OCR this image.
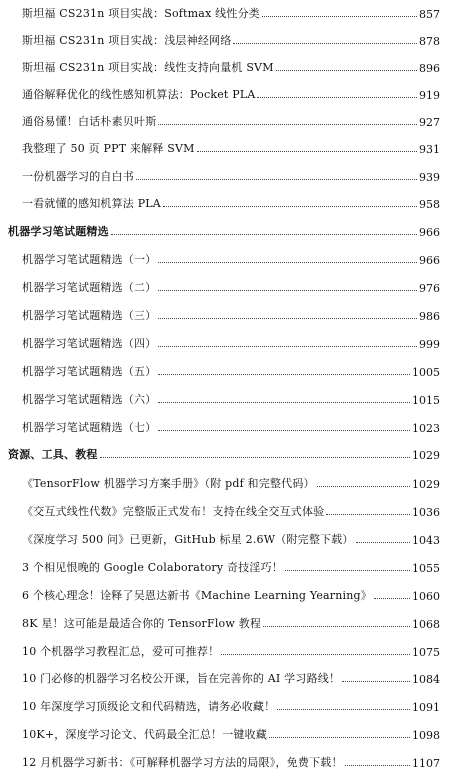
斯坦福 CS231n 项目实战：Softmax 线性分类	857
斯坦福 CS231n 项目实战：浅层神经网络	878
斯坦福 CS231n 项目实战：线性支持向量机 SVM	896
通俗解释优化的线性感知机算法：Pocket PLA	919
通俗易懂！白话朴素贝叶斯	927
我整理了 50 页 PPT 来解释 SVM	931
一份机器学习的自白书	939
一看就懂的感知机算法 PLA	958
机器学习笔试题精选	966
机器学习笔试题精选（一）	966
机器学习笔试题精选（二）	976
机器学习笔试题精选（三）	986
机器学习笔试题精选（四）	999
机器学习笔试题精选（五）	1005
机器学习笔试题精选（六）	1015
机器学习笔试题精选（七）	1023
资源、工具、教程	1029
《TensorFlow 机器学习方案手册》（附 pdf 和完整代码）	1029
《交互式线性代数》完整版正式发布！支持在线全交互式体验	1036
《深度学习 500 问》已更新，GitHub 标星 2.6W（附完整下载）	1043
3 个相见恨晚的 Google Colaboratory 奇技淫巧！	1055
6 个核心理念！诠释了吴恩达新书《Machine Learning Yearning》	1060
8K 星！这可能是最适合你的 TensorFlow 教程	1068
10 个机器学习教程汇总，爱可可推荐！	1075
10 门必修的机器学习名校公开课，旨在完善你的 AI 学习路线！	1084
10 年深度学习顶级论文和代码精选，请务必收藏！	1091
10K+，深度学习论文、代码最全汇总！一键收藏	1098
12 月机器学习新书：《可解释机器学习方法的局限》，免费下载！	1107
